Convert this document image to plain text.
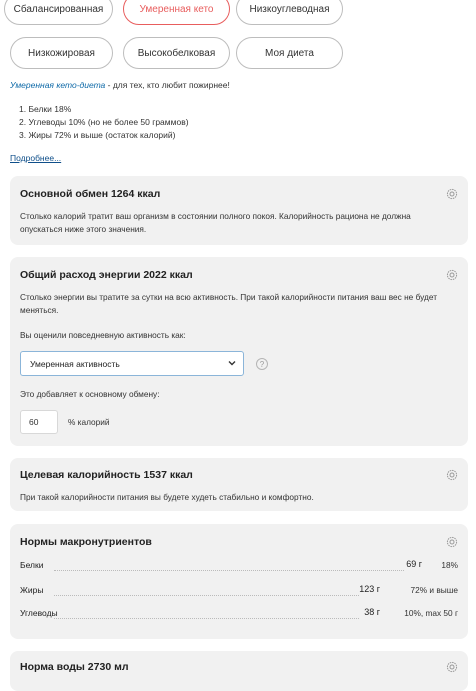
Сбалансированная	Умеренная кето	Низкоуглеводная
Низкожировая	Высокобелковая	Моя диета
Умеренная кето-диета - для тех, кто любит пожирнее!
1. Белки 18%
2. Углеводы 10% (но не более 50 граммов)
3. Жиры 72% и выше (остаток калорий)
Подробнее...
Основной обмен 1264 ккал
Столько калорий тратит ваш организм в состоянии полного покоя. Калорийность рациона не должна опускаться ниже этого значения.
Общий расход энергии 2022 ккал
Столько энергии вы тратите за сутки на всю активность. При такой калорийности питания ваш вес не будет меняться.
Вы оценили повседневную активность как:
Умеренная активность	?
Это добавляет к основному обмену:
60	% калорий
Целевая калорийность 1537 ккал
При такой калорийности питания вы будете худеть стабильно и комфортно.
Нормы макронутриентов
Белки	69 г 18%
Жиры	123 г	72% и выше
Углеводы	38 г	10%, max 50 г
Норма воды 2730 мл
